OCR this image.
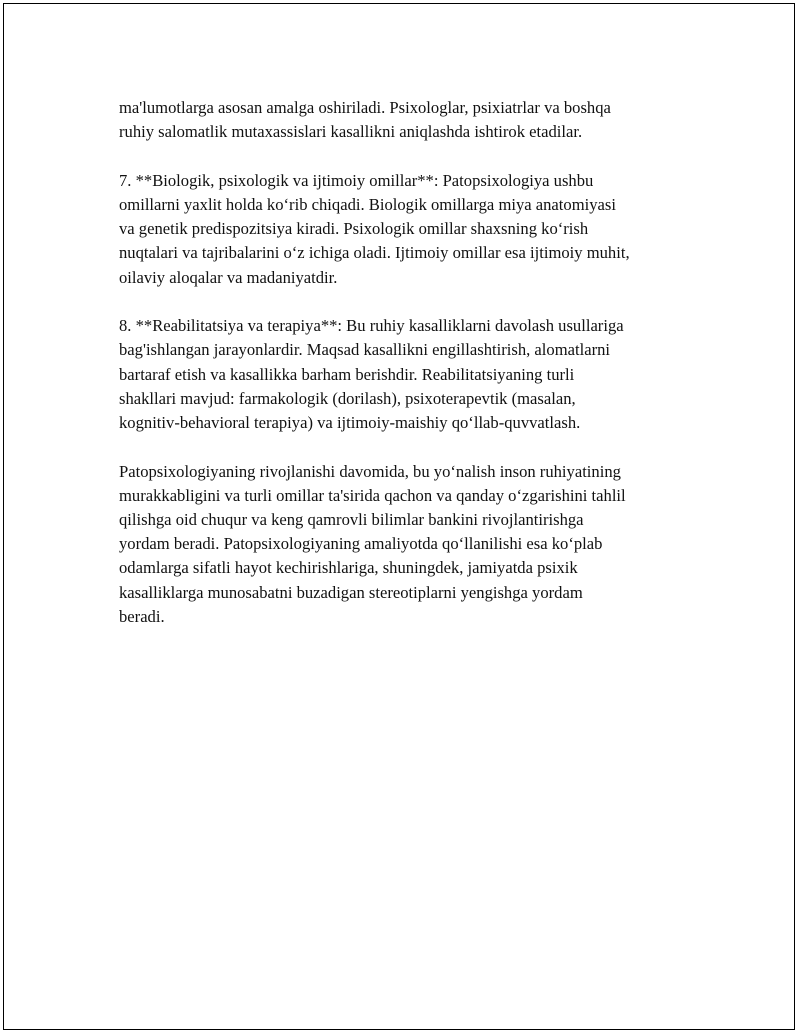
ma'lumotlarga asosan amalga oshiriladi. Psixologlar, psixiatrlar va boshqa
ruhiy salomatlik mutaxassislari kasallikni aniqlashda ishtirok etadilar.

7. **Biologik, psixologik va ijtimoiy omillar**: Patopsixologiya ushbu
omillarni yaxlit holda ko‘rib chiqadi. Biologik omillarga miya anatomiyasi
va genetik predispozitsiya kiradi. Psixologik omillar shaxsning ko‘rish
nuqtalari va tajribalarini o‘z ichiga oladi. Ijtimoiy omillar esa ijtimoiy muhit,
oilaviy aloqalar va madaniyatdir.

8. **Reabilitatsiya va terapiya**: Bu ruhiy kasalliklarni davolash usullariga
bag'ishlangan jarayonlardir. Maqsad kasallikni engillashtirish, alomatlarni
bartaraf etish va kasallikka barham berishdir. Reabilitatsiyaning turli
shakllari mavjud: farmakologik (dorilash), psixoterapevtik (masalan,
kognitiv-behavioral terapiya) va ijtimoiy-maishiy qo‘llab-quvvatlash.

Patopsixologiyaning rivojlanishi davomida, bu yo‘nalish inson ruhiyatining
murakkabligini va turli omillar ta'sirida qachon va qanday o‘zgarishini tahlil
qilishga oid chuqur va keng qamrovli bilimlar bankini rivojlantirishga
yordam beradi. Patopsixologiyaning amaliyotda qo‘llanilishi esa ko‘plab
odamlarga sifatli hayot kechirishlariga, shuningdek, jamiyatda psixik
kasalliklarga munosabatni buzadigan stereotiplarni yengishga yordam
beradi.
